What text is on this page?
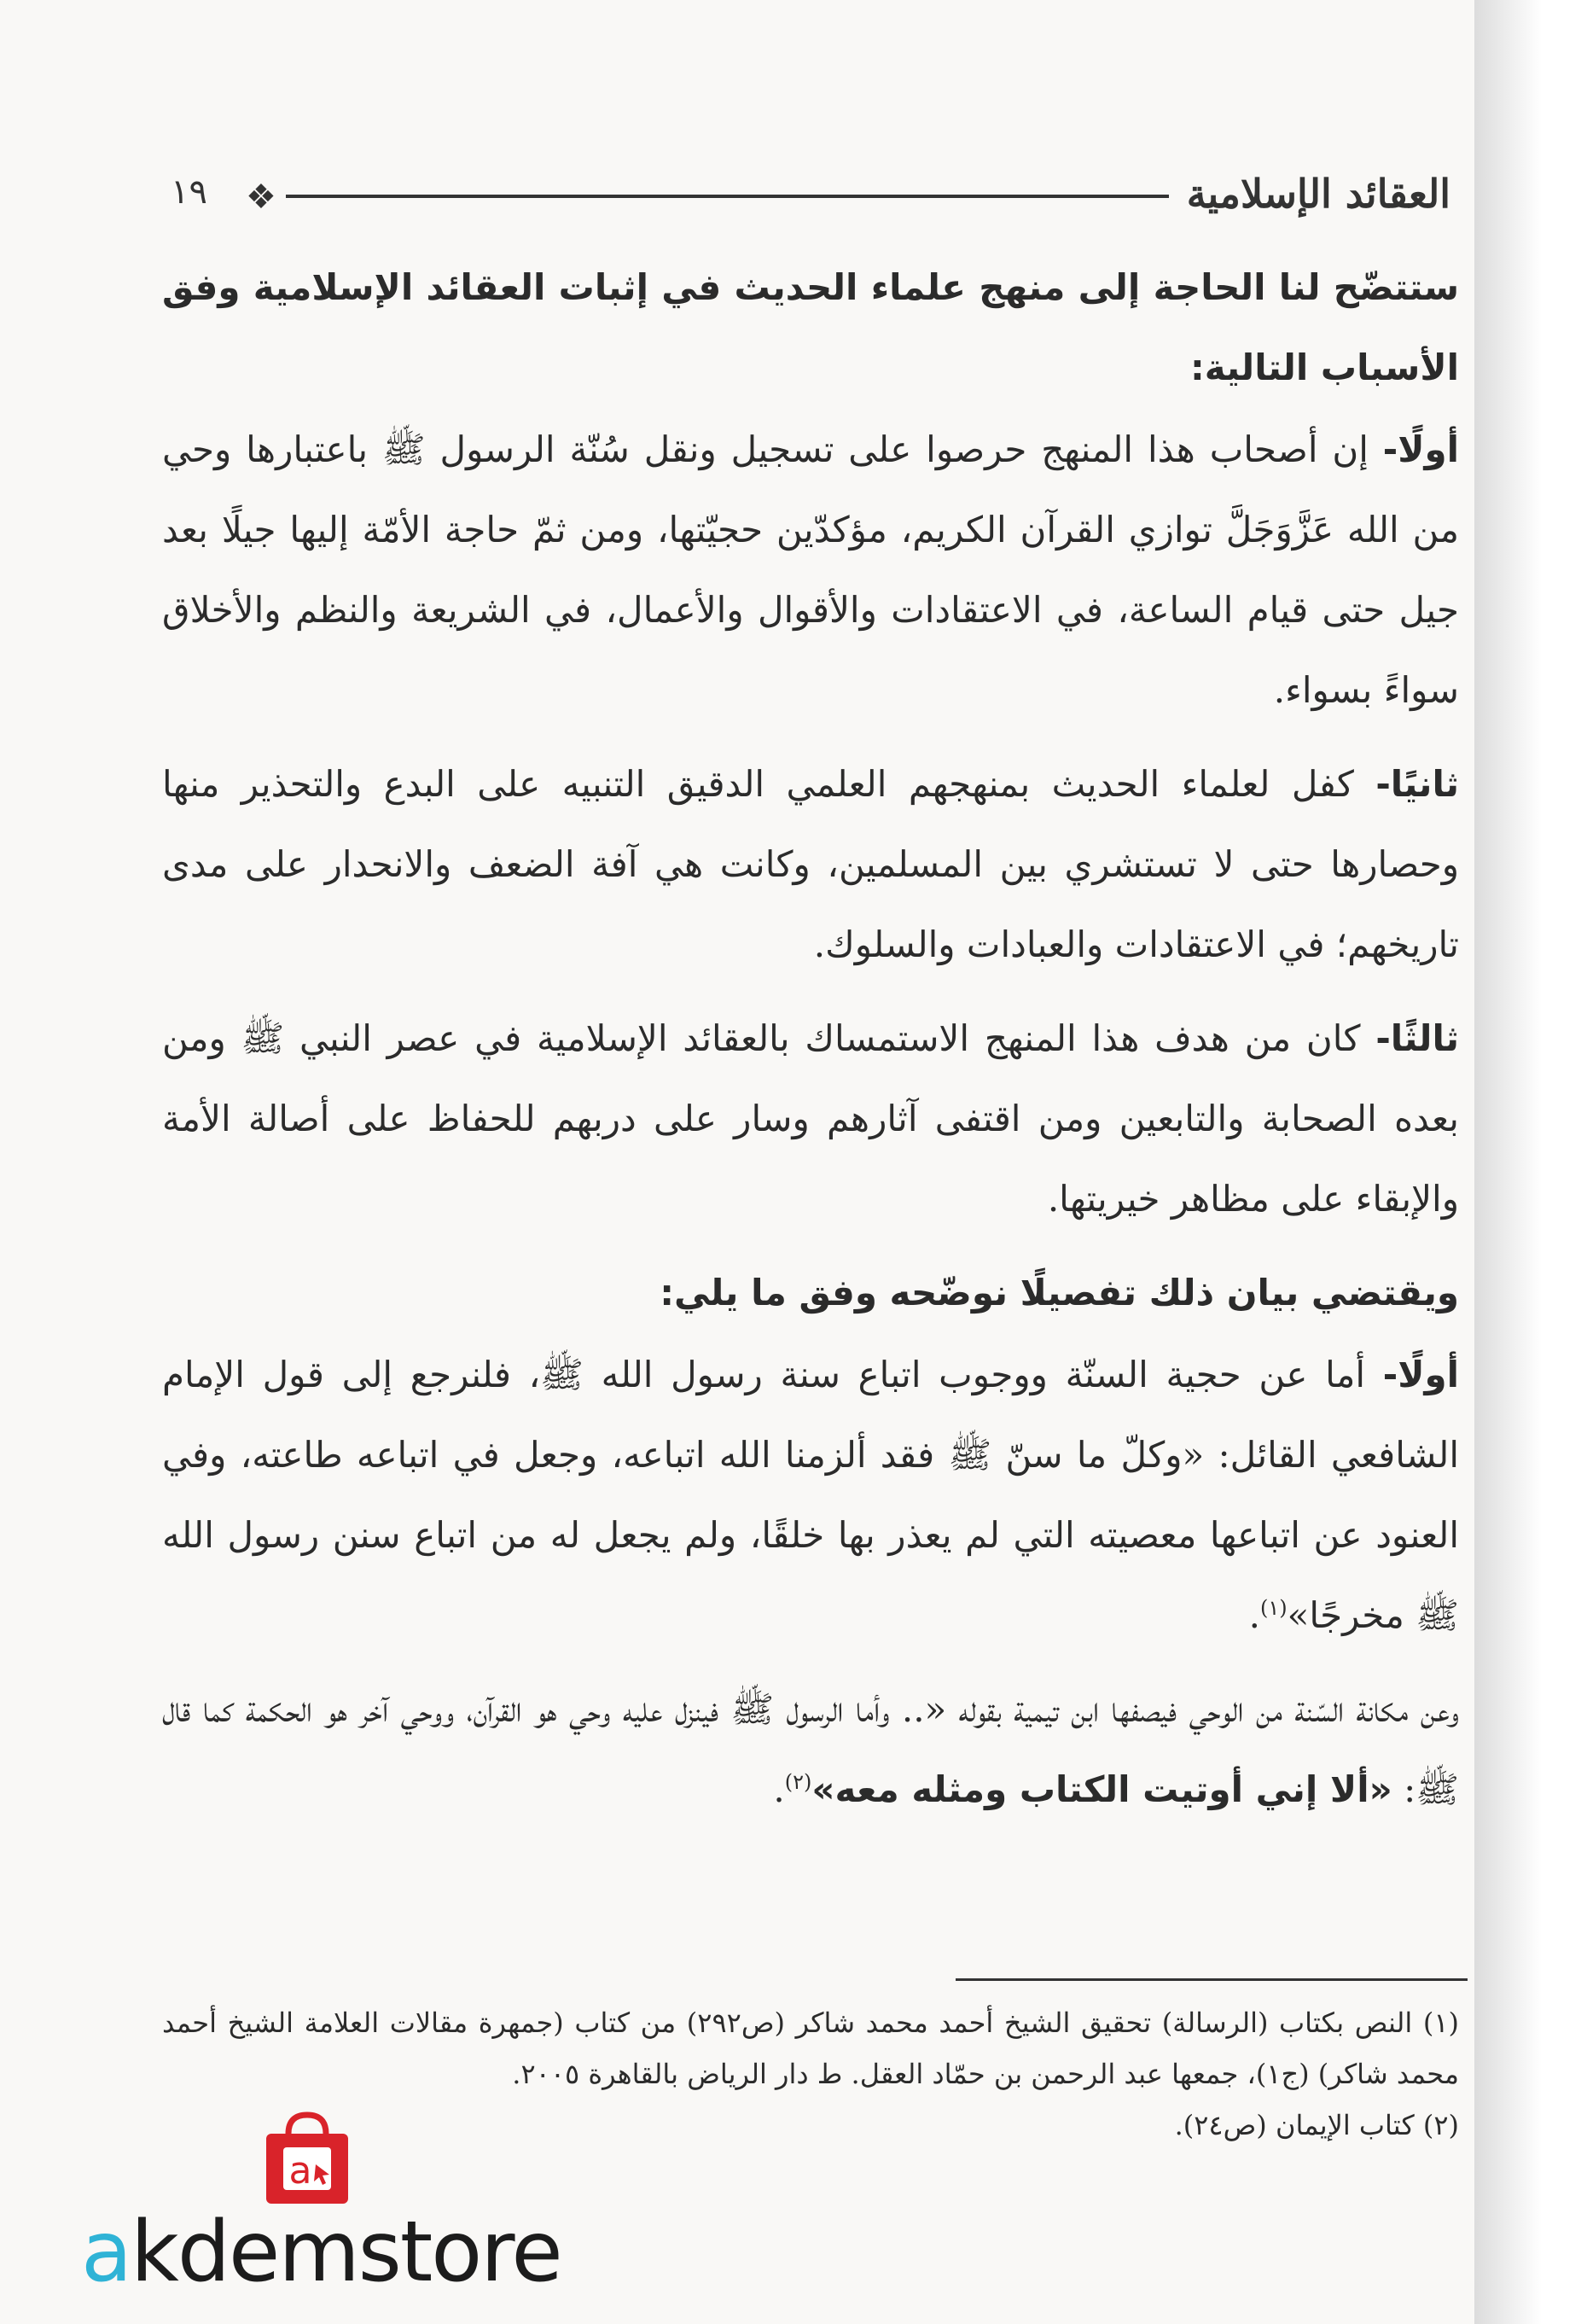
العقائد الإسلامية
❖
١٩

ستتضّح لنا الحاجة إلى منهج علماء الحديث في إثبات العقائد الإسلامية وفق الأسباب التالية:

أولًا- إن أصحاب هذا المنهج حرصوا على تسجيل ونقل سُنّة الرسول ﷺ باعتبارها وحي من الله عَزَّوَجَلَّ توازي القرآن الكريم، مؤكدّين حجيّتها، ومن ثمّ حاجة الأمّة إليها جيلًا بعد جيل حتى قيام الساعة، في الاعتقادات والأقوال والأعمال، في الشريعة والنظم والأخلاق سواءً بسواء.

ثانيًا- كفل لعلماء الحديث بمنهجهم العلمي الدقيق التنبيه على البدع والتحذير منها وحصارها حتى لا تستشري بين المسلمين، وكانت هي آفة الضعف والانحدار على مدى تاريخهم؛ في الاعتقادات والعبادات والسلوك.

ثالثًا- كان من هدف هذا المنهج الاستمساك بالعقائد الإسلامية في عصر النبي ﷺ ومن بعده الصحابة والتابعين ومن اقتفى آثارهم وسار على دربهم للحفاظ على أصالة الأمة والإبقاء على مظاهر خيريتها.

ويقتضي بيان ذلك تفصيلًا نوضّحه وفق ما يلي:

أولًا- أما عن حجية السنّة ووجوب اتباع سنة رسول الله ﷺ، فلنرجع إلى قول الإمام الشافعي القائل: «وكلّ ما سنّ ﷺ فقد ألزمنا الله اتباعه، وجعل في اتباعه طاعته، وفي العنود عن اتباعها معصيته التي لم يعذر بها خلقًا، ولم يجعل له من اتباع سنن رسول الله ﷺ مخرجًا»$^{(١)}$.

وعن مكانة السّنة من الوحي فيصفها ابن تيمية بقوله «.. وأما الرسول ﷺ فينزل عليه وحي هو القرآن، ووحي آخر هو الحكمة كما قال ﷺ: «ألا إني أوتيت الكتاب ومثله معه»$^{(٢)}$.

(١) النص بكتاب (الرسالة) تحقيق الشيخ أحمد محمد شاكر (ص٢٩٢) من كتاب (جمهرة مقالات العلامة الشيخ أحمد محمد شاكر) (ج١)، جمعها عبد الرحمن بن حمّاد العقل. ط دار الرياض بالقاهرة ٢٠٠٥.

(٢) كتاب الإيمان (ص٢٤).

a
akdemstore
